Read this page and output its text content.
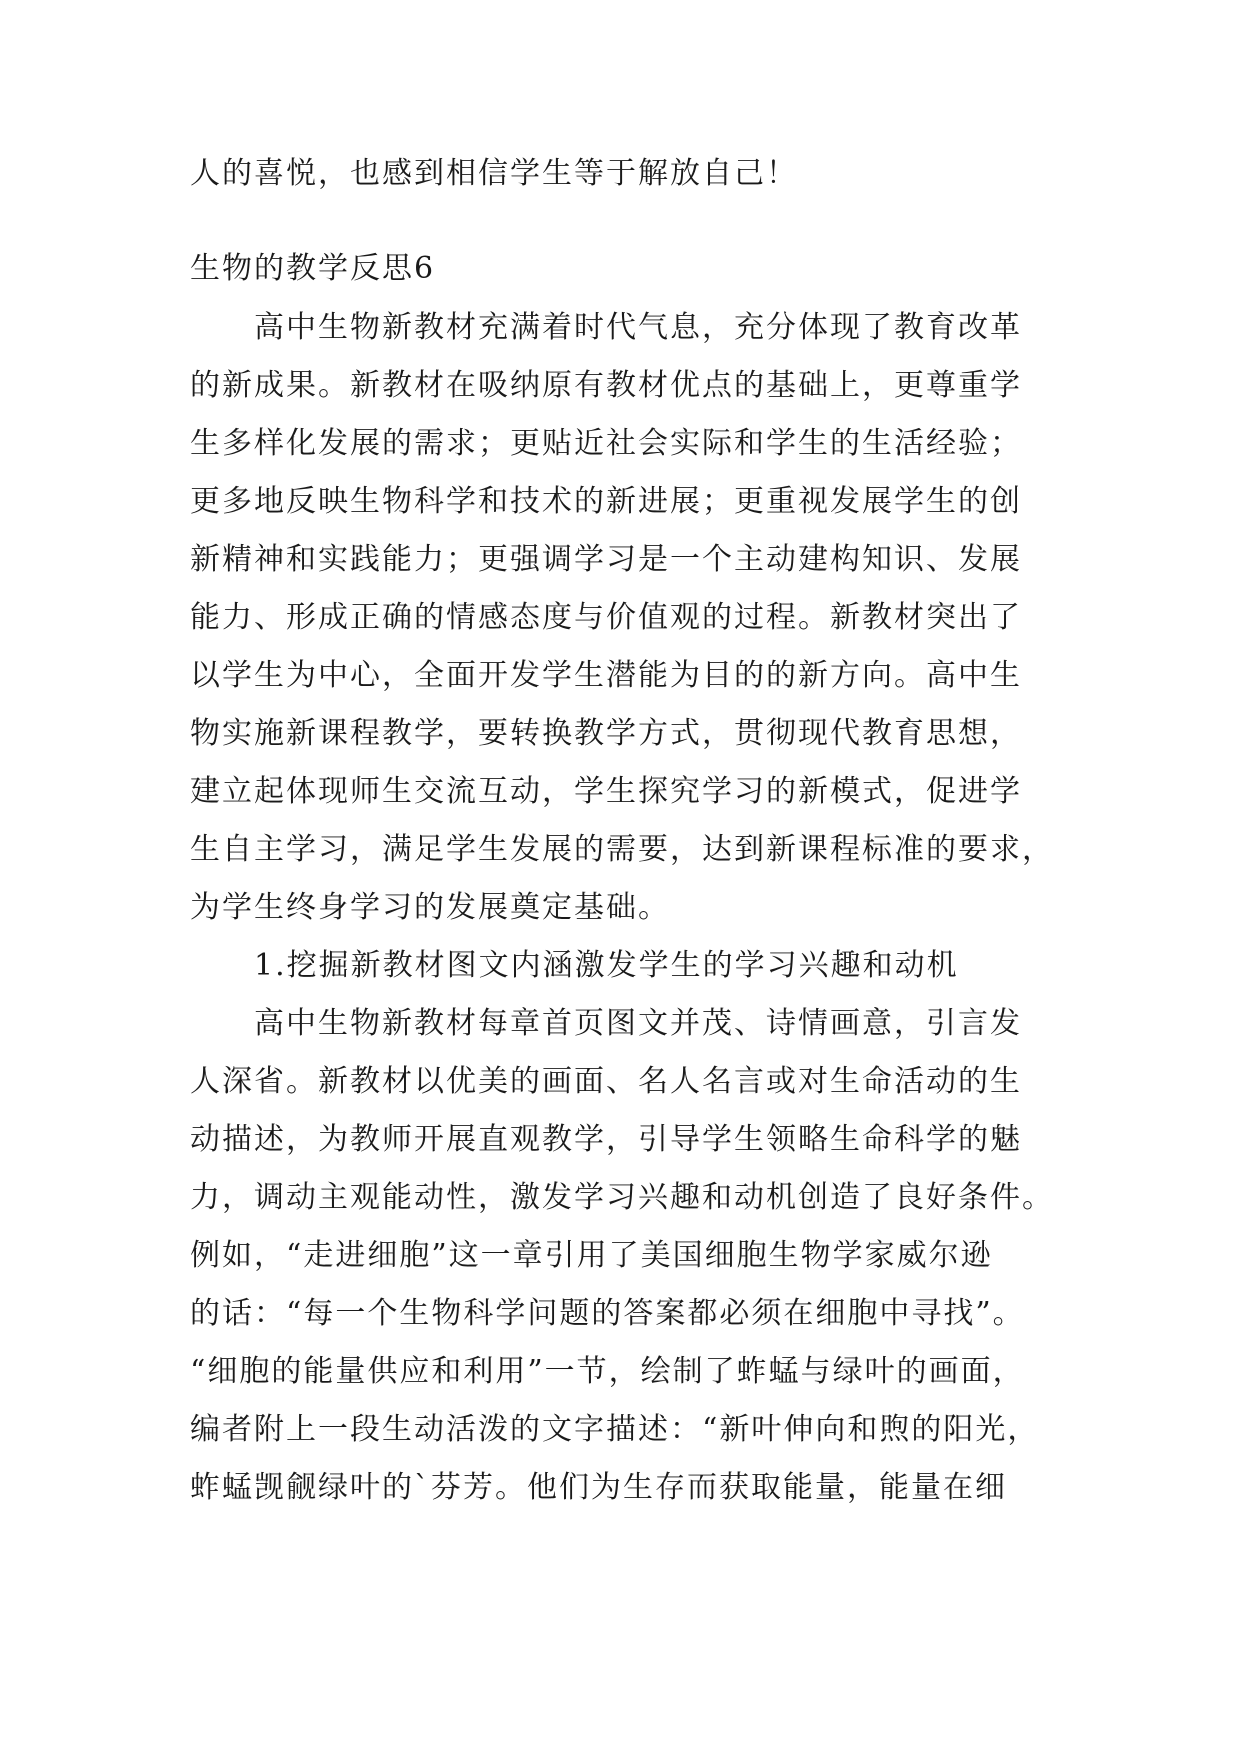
人的喜悦，也感到相信学生等于解放自己！

生物的教学反思6

高中生物新教材充满着时代气息，充分体现了教育改革
的新成果。新教材在吸纳原有教材优点的基础上，更尊重学
生多样化发展的需求；更贴近社会实际和学生的生活经验；
更多地反映生物科学和技术的新进展；更重视发展学生的创
新精神和实践能力；更强调学习是一个主动建构知识、发展
能力、形成正确的情感态度与价值观的过程。新教材突出了
以学生为中心，全面开发学生潜能为目的的新方向。高中生
物实施新课程教学，要转换教学方式，贯彻现代教育思想，
建立起体现师生交流互动，学生探究学习的新模式，促进学
生自主学习，满足学生发展的需要，达到新课程标准的要求，
为学生终身学习的发展奠定基础。

1.挖掘新教材图文内涵激发学生的学习兴趣和动机

高中生物新教材每章首页图文并茂、诗情画意，引言发
人深省。新教材以优美的画面、名人名言或对生命活动的生
动描述，为教师开展直观教学，引导学生领略生命科学的魅
力，调动主观能动性，激发学习兴趣和动机创造了良好条件。
例如，“走进细胞”这一章引用了美国细胞生物学家威尔逊
的话：“每一个生物科学问题的答案都必须在细胞中寻找”。
“细胞的能量供应和利用”一节，绘制了蚱蜢与绿叶的画面，
编者附上一段生动活泼的文字描述：“新叶伸向和煦的阳光，
蚱蜢觊觎绿叶的`芬芳。他们为生存而获取能量，能量在细
